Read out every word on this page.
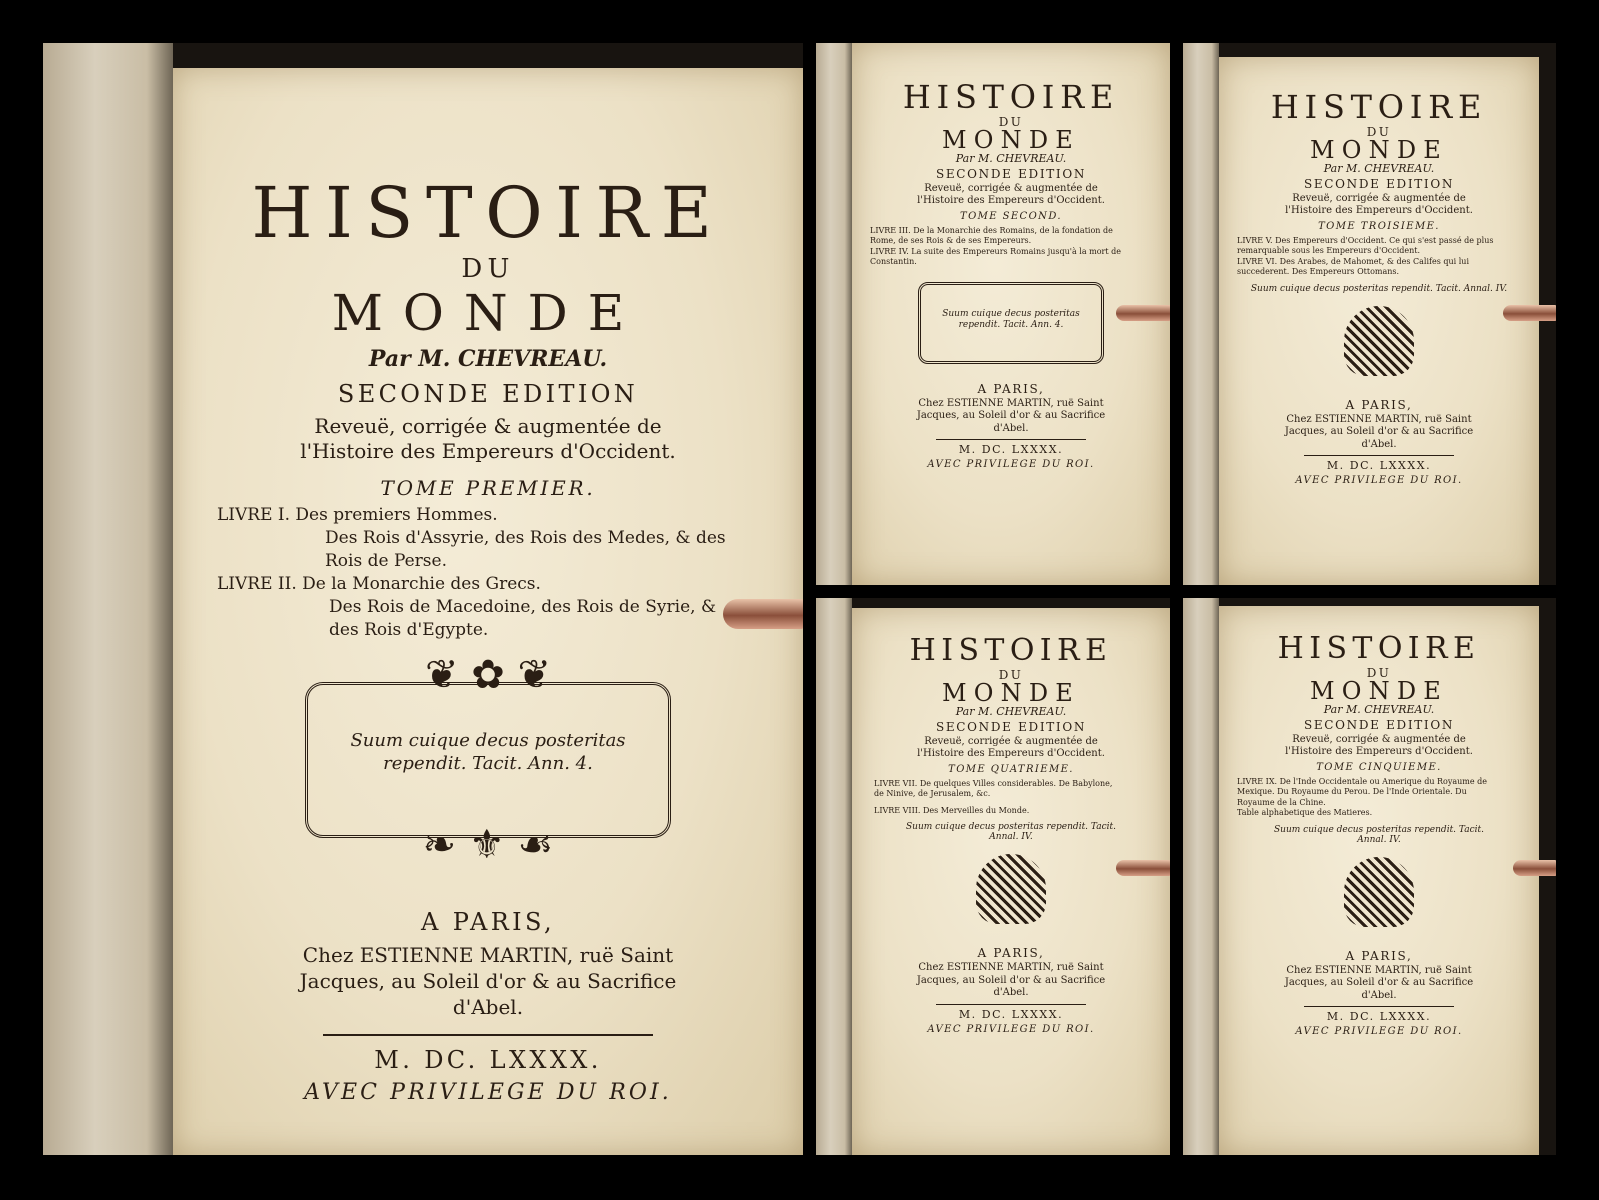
HISTOIRE
DU
MONDE
Par M. CHEVREAU.
SECONDE EDITION
Reveuë, corrigée & augmentée de l'Histoire des Empereurs d'Occident.
TOME PREMIER.
LIVRE I. Des premiers Hommes.
Des Rois d'Assyrie, des Rois des Medes, & des Rois de Perse.
LIVRE II. De la Monarchie des Grecs.
Des Rois de Macedoine, des Rois de Syrie, & des Rois d'Egypte.
❦ ✿ ❦
Suum cuique decus posteritas rependit. Tacit. Ann. 4.
❧ ⚜ ☙
A PARIS,
Chez ESTIENNE MARTIN, ruë Saint Jacques, au Soleil d'or & au Sacrifice d'Abel.
M. DC. LXXXX.
AVEC PRIVILEGE DU ROI.
HISTOIRE
DU
MONDE
Par M. CHEVREAU.
SECONDE EDITION
Reveuë, corrigée & augmentée de l'Histoire des Empereurs d'Occident.
TOME SECOND.
LIVRE III. De la Monarchie des Romains, de la fondation de Rome, de ses Rois & de ses Empereurs.
LIVRE IV. La suite des Empereurs Romains jusqu'à la mort de Constantin.
Suum cuique decus posteritas rependit. Tacit. Ann. 4.
A PARIS,
Chez ESTIENNE MARTIN, ruë Saint Jacques, au Soleil d'or & au Sacrifice d'Abel.
M. DC. LXXXX.
AVEC PRIVILEGE DU ROI.
HISTOIRE
DU
MONDE
Par M. CHEVREAU.
SECONDE EDITION
Reveuë, corrigée & augmentée de l'Histoire des Empereurs d'Occident.
TOME TROISIEME.
LIVRE V. Des Empereurs d'Occident. Ce qui s'est passé de plus remarquable sous les Empereurs d'Occident.
LIVRE VI. Des Arabes, de Mahomet, & des Califes qui lui succederent. Des Empereurs Ottomans.
Suum cuique decus posteritas rependit. Tacit. Annal. IV.
A PARIS,
Chez ESTIENNE MARTIN, ruë Saint Jacques, au Soleil d'or & au Sacrifice d'Abel.
M. DC. LXXXX.
AVEC PRIVILEGE DU ROI.
HISTOIRE
DU
MONDE
Par M. CHEVREAU.
SECONDE EDITION
Reveuë, corrigée & augmentée de l'Histoire des Empereurs d'Occident.
TOME QUATRIEME.
LIVRE VII. De quelques Villes considerables. De Babylone, de Ninive, de Jerusalem, &c.
LIVRE VIII. Des Merveilles du Monde.
Suum cuique decus posteritas rependit. Tacit. Annal. IV.
A PARIS,
Chez ESTIENNE MARTIN, ruë Saint Jacques, au Soleil d'or & au Sacrifice d'Abel.
M. DC. LXXXX.
AVEC PRIVILEGE DU ROI.
HISTOIRE
DU
MONDE
Par M. CHEVREAU.
SECONDE EDITION
Reveuë, corrigée & augmentée de l'Histoire des Empereurs d'Occident.
TOME CINQUIEME.
LIVRE IX. De l'Inde Occidentale ou Amerique du Royaume de Mexique. Du Royaume du Perou. De l'Inde Orientale. Du Royaume de la Chine.
Table alphabetique des Matieres.
Suum cuique decus posteritas rependit. Tacit. Annal. IV.
A PARIS,
Chez ESTIENNE MARTIN, ruë Saint Jacques, au Soleil d'or & au Sacrifice d'Abel.
M. DC. LXXXX.
AVEC PRIVILEGE DU ROI.
